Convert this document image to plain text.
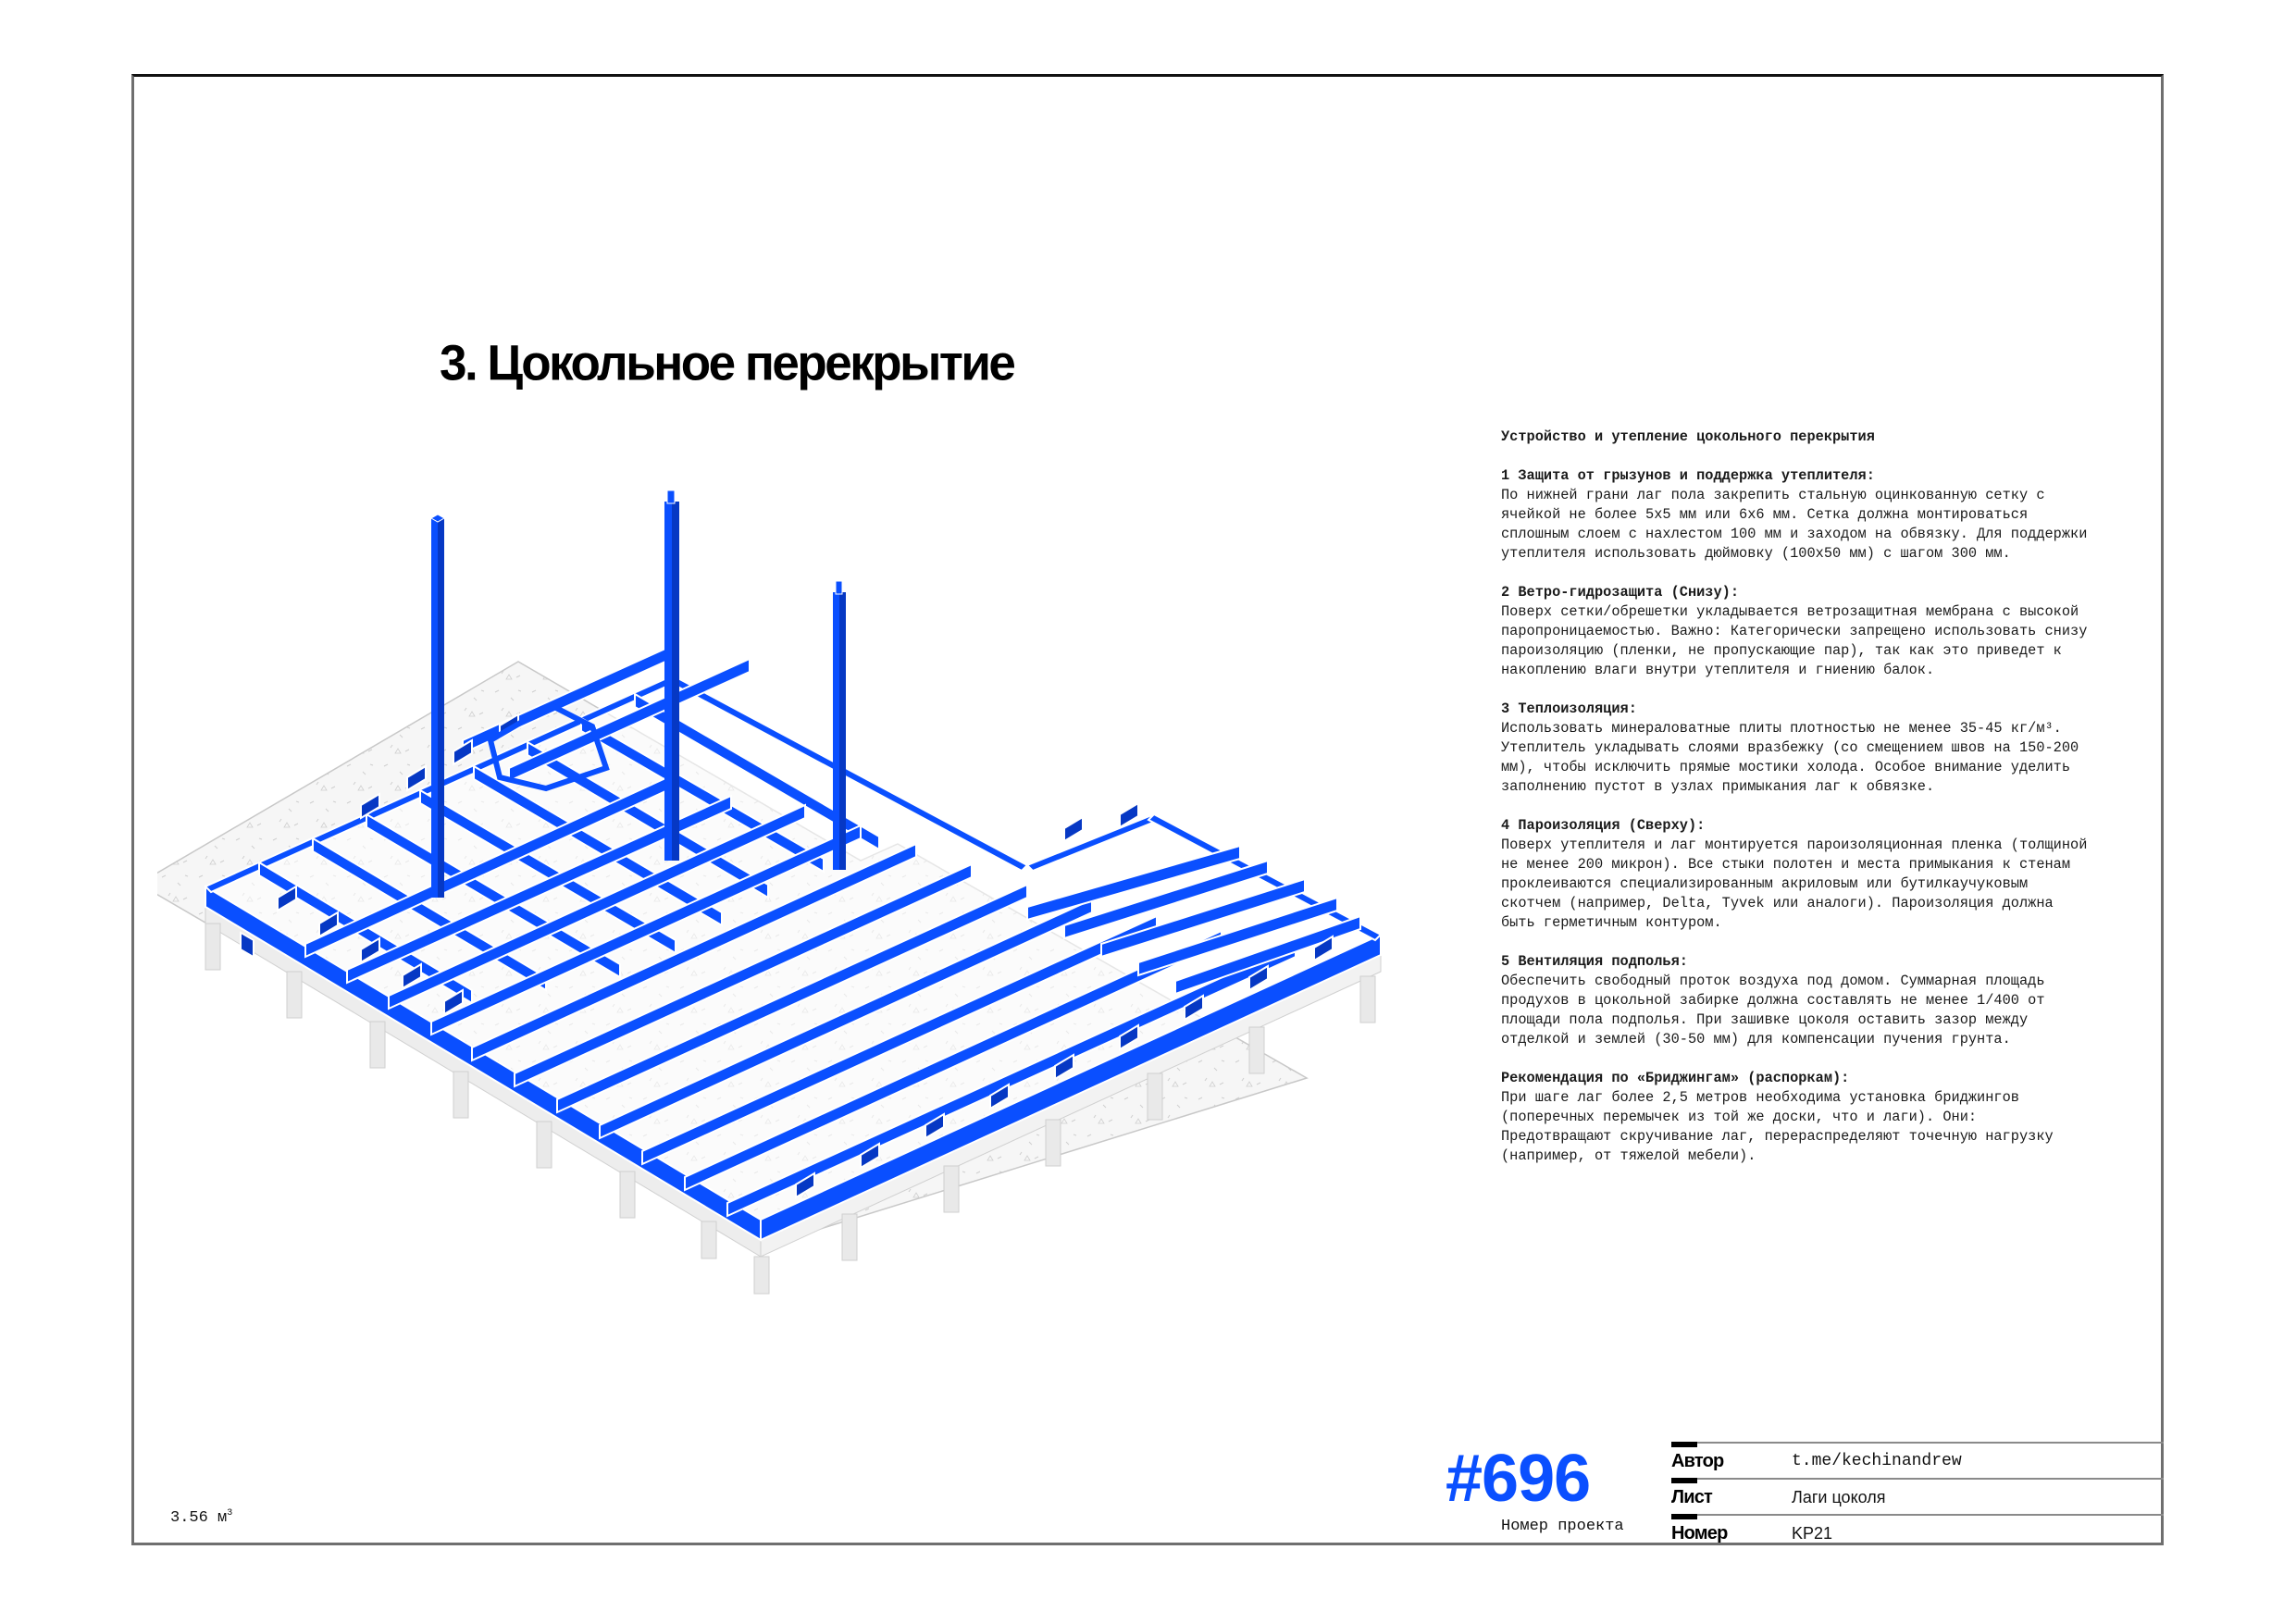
3. Цокольное перекрытие

Устройство и утепление цокольного перекрытия

1 Защита от грызунов и поддержка утеплителя:

По нижней грани лаг пола закрепить стальную оцинкованную сетку с

ячейкой не более 5х5 мм или 6х6 мм. Сетка должна монтироваться

сплошным слоем с нахлестом 100 мм и заходом на обвязку. Для поддержки

утеплителя использовать дюймовку (100х50 мм) с шагом 300 мм.

2 Ветро-гидрозащита (Снизу):

Поверх сетки/обрешетки укладывается ветрозащитная мембрана с высокой

паропроницаемостью. Важно: Категорически запрещено использовать снизу

пароизоляцию (пленки, не пропускающие пар), так как это приведет к

накоплению влаги внутри утеплителя и гниению балок.

3 Теплоизоляция:

Использовать минераловатные плиты плотностью не менее 35-45 кг/м³.

Утеплитель укладывать слоями вразбежку (со смещением швов на 150-200

мм), чтобы исключить прямые мостики холода. Особое внимание уделить

заполнению пустот в узлах примыкания лаг к обвязке.

4 Пароизоляция (Сверху):

Поверх утеплителя и лаг монтируется пароизоляционная пленка (толщиной

не менее 200 микрон). Все стыки полотен и места примыкания к стенам

проклеиваются специализированным акриловым или бутилкаучуковым

скотчем (например, Delta, Tyvek или аналоги). Пароизоляция должна

быть герметичным контуром.

5 Вентиляция подполья:

Обеспечить свободный проток воздуха под домом. Суммарная площадь

продухов в цокольной забирке должна составлять не менее 1/400 от

площади пола подполья. При зашивке цоколя оставить зазор между

отделкой и землей (30-50 мм) для компенсации пучения грунта.

Рекомендация по «Бриджингам» (распоркам):

При шаге лаг более 2,5 метров необходима установка бриджингов

(поперечных перемычек из той же доски, что и лаги). Они:

Предотвращают скручивание лаг, перераспределяют точечную нагрузку

(например, от тяжелой мебели).

3.56 $м^3$	#696
Номер проекта
Автор	t.me/kechinandrew
Лист	Лаги цоколя
Номер	KP21
